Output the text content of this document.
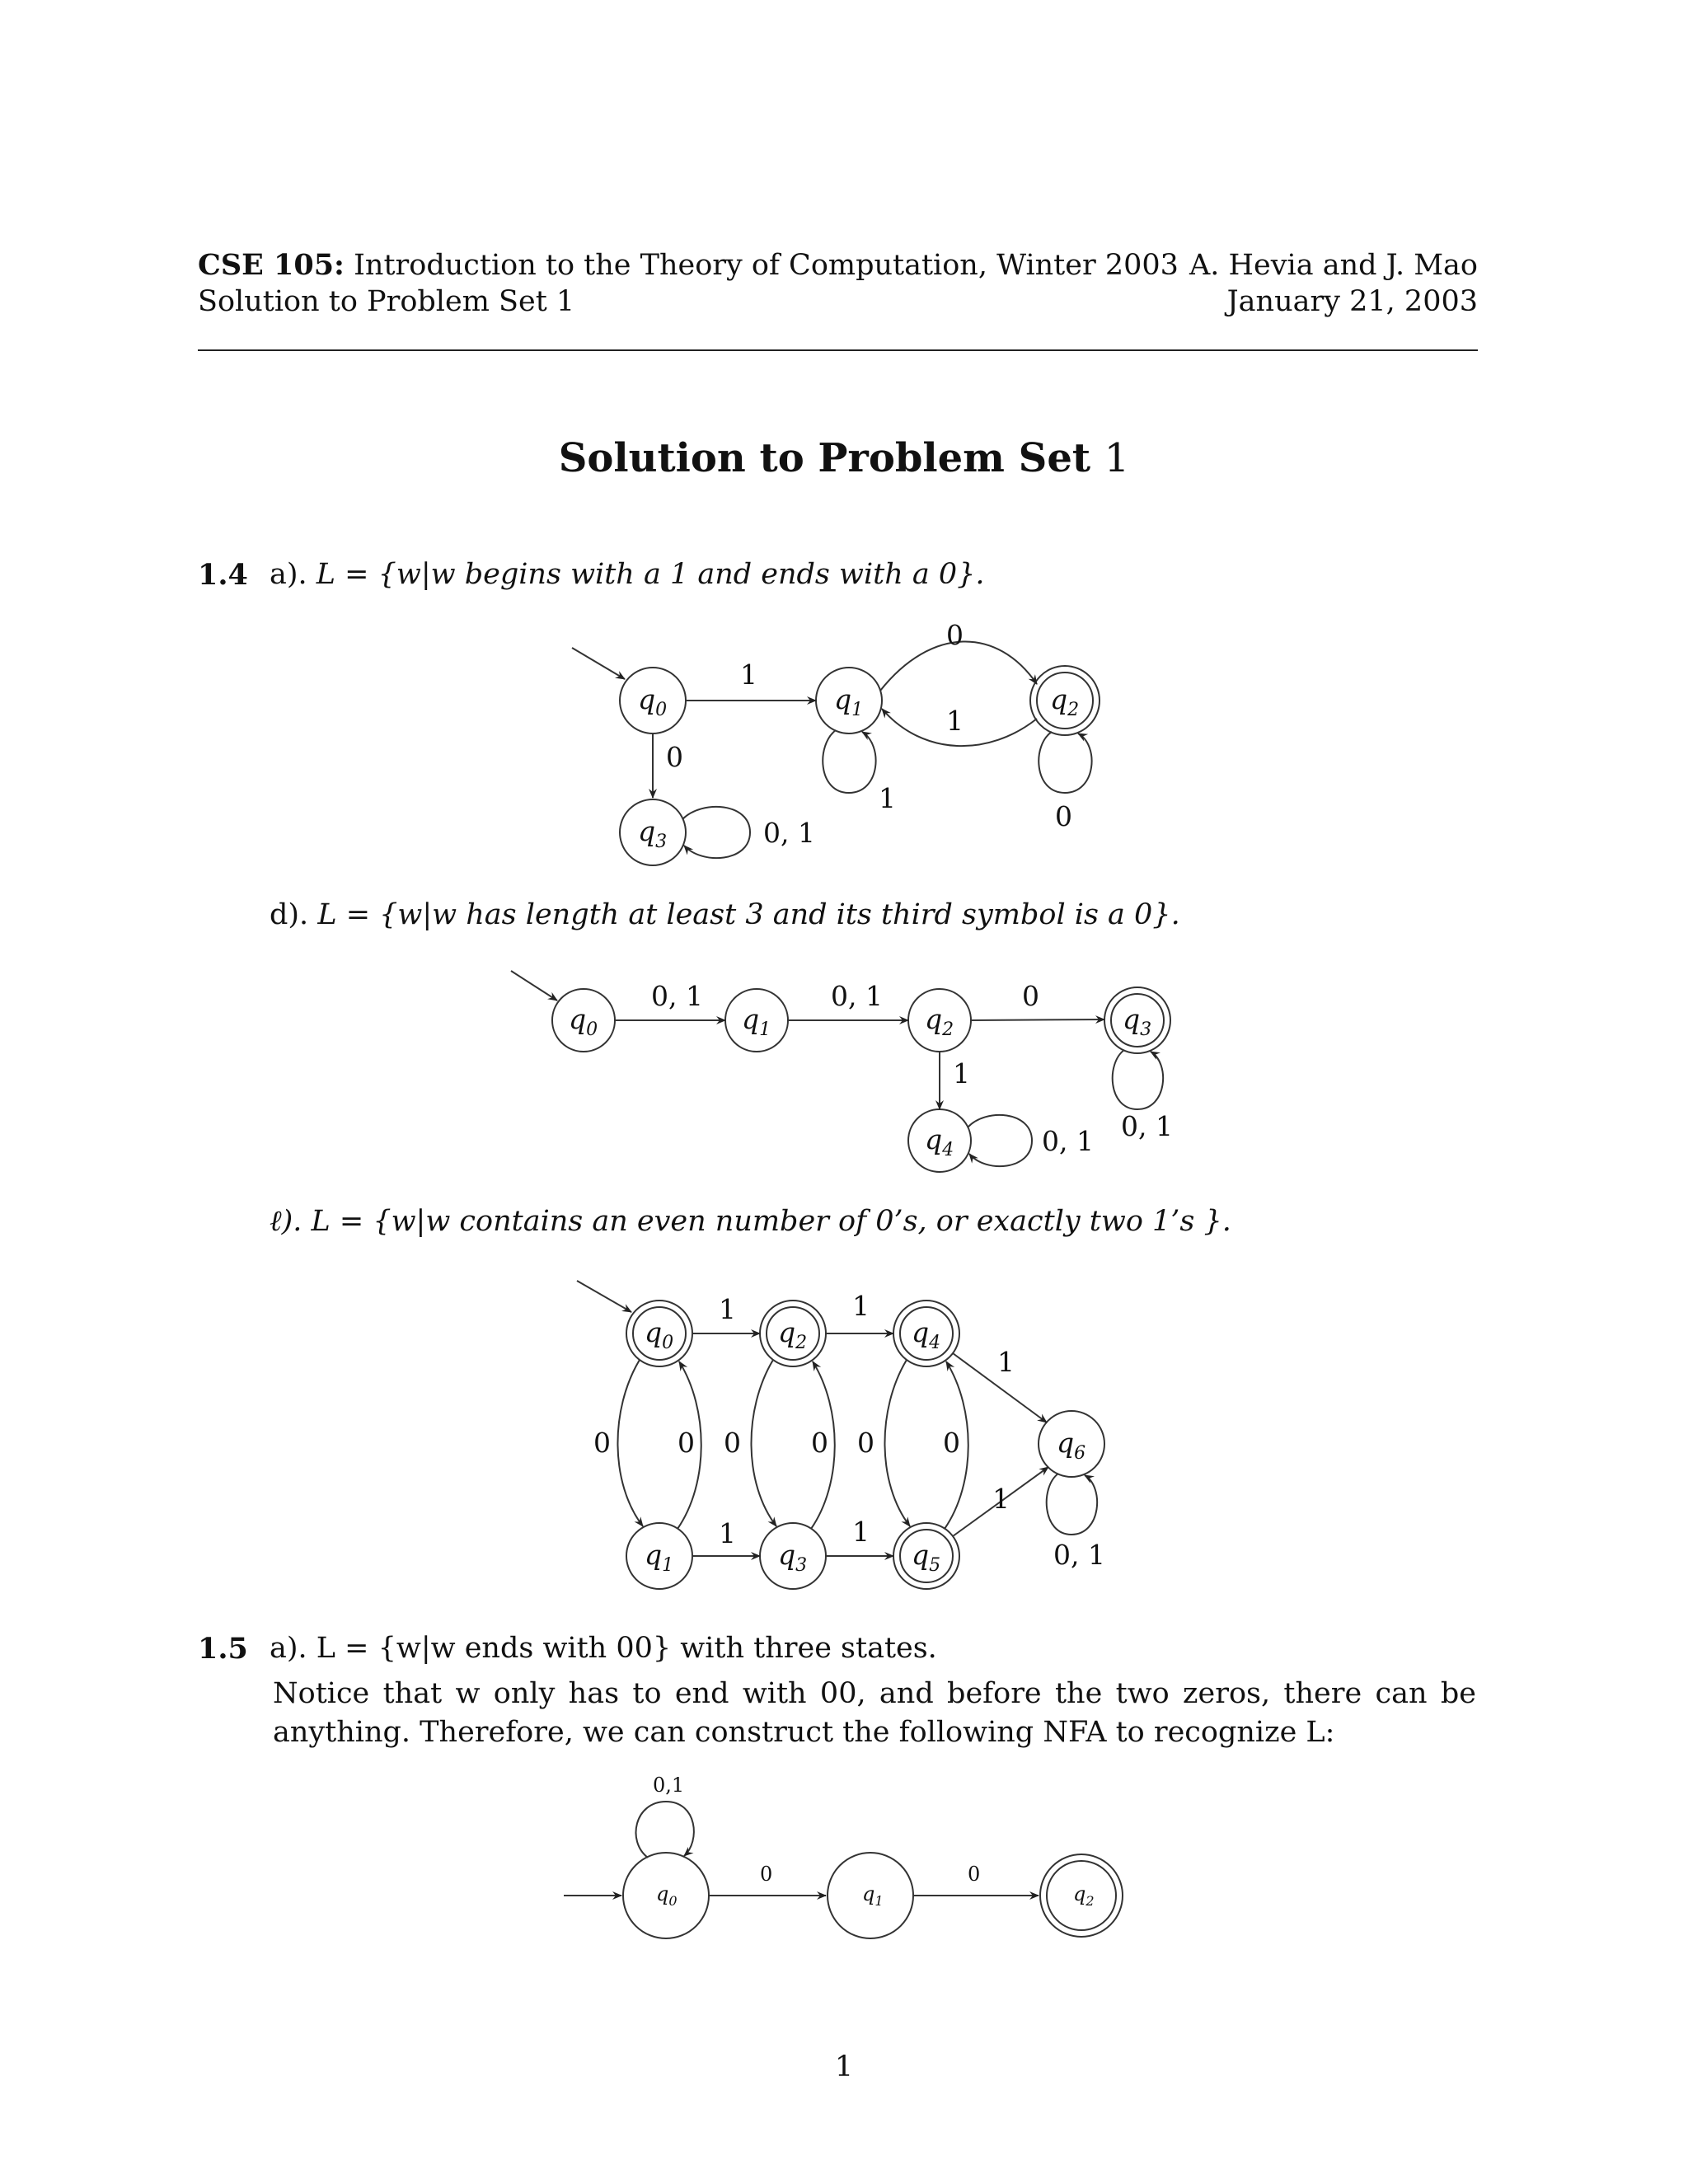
CSE 105: Introduction to the Theory of Computation, Winter 2003
Solution to Problem Set 1
A. Hevia and J. Mao
January 21, 2003
Solution to Problem Set 1
1.4 a). L = {w|w begins with a 1 and ends with a 0}.
$q_0$	$q_1$	$q_2$
$q_3$
1
0
1
1
0
0
0, 1
d). L = {w|w has length at least 3 and its third symbol is a 0}.
$q_0$	$q_1$	$q_2$	$q_3$
$q_4$
0, 1	0, 1	0
1
0, 1 0, 1
ℓ). L = {w|w contains an even number of 0’s, or exactly two 1’s }.
$q_0$	$q_2$	$q_4$
$q_1$	$q_3$	$q_5$
$q_6$
1	1
1	1
1
1
0 0 0	0 0	0
0, 1
1.5 a). L = {w|w ends with 00} with three states.
Notice that w only has to end with 00, and before the two zeros, there can be anything. Therefore, we can construct the following NFA to recognize L:
$q_0$	$q_1$	$q_2$
0,1
0	0
1
